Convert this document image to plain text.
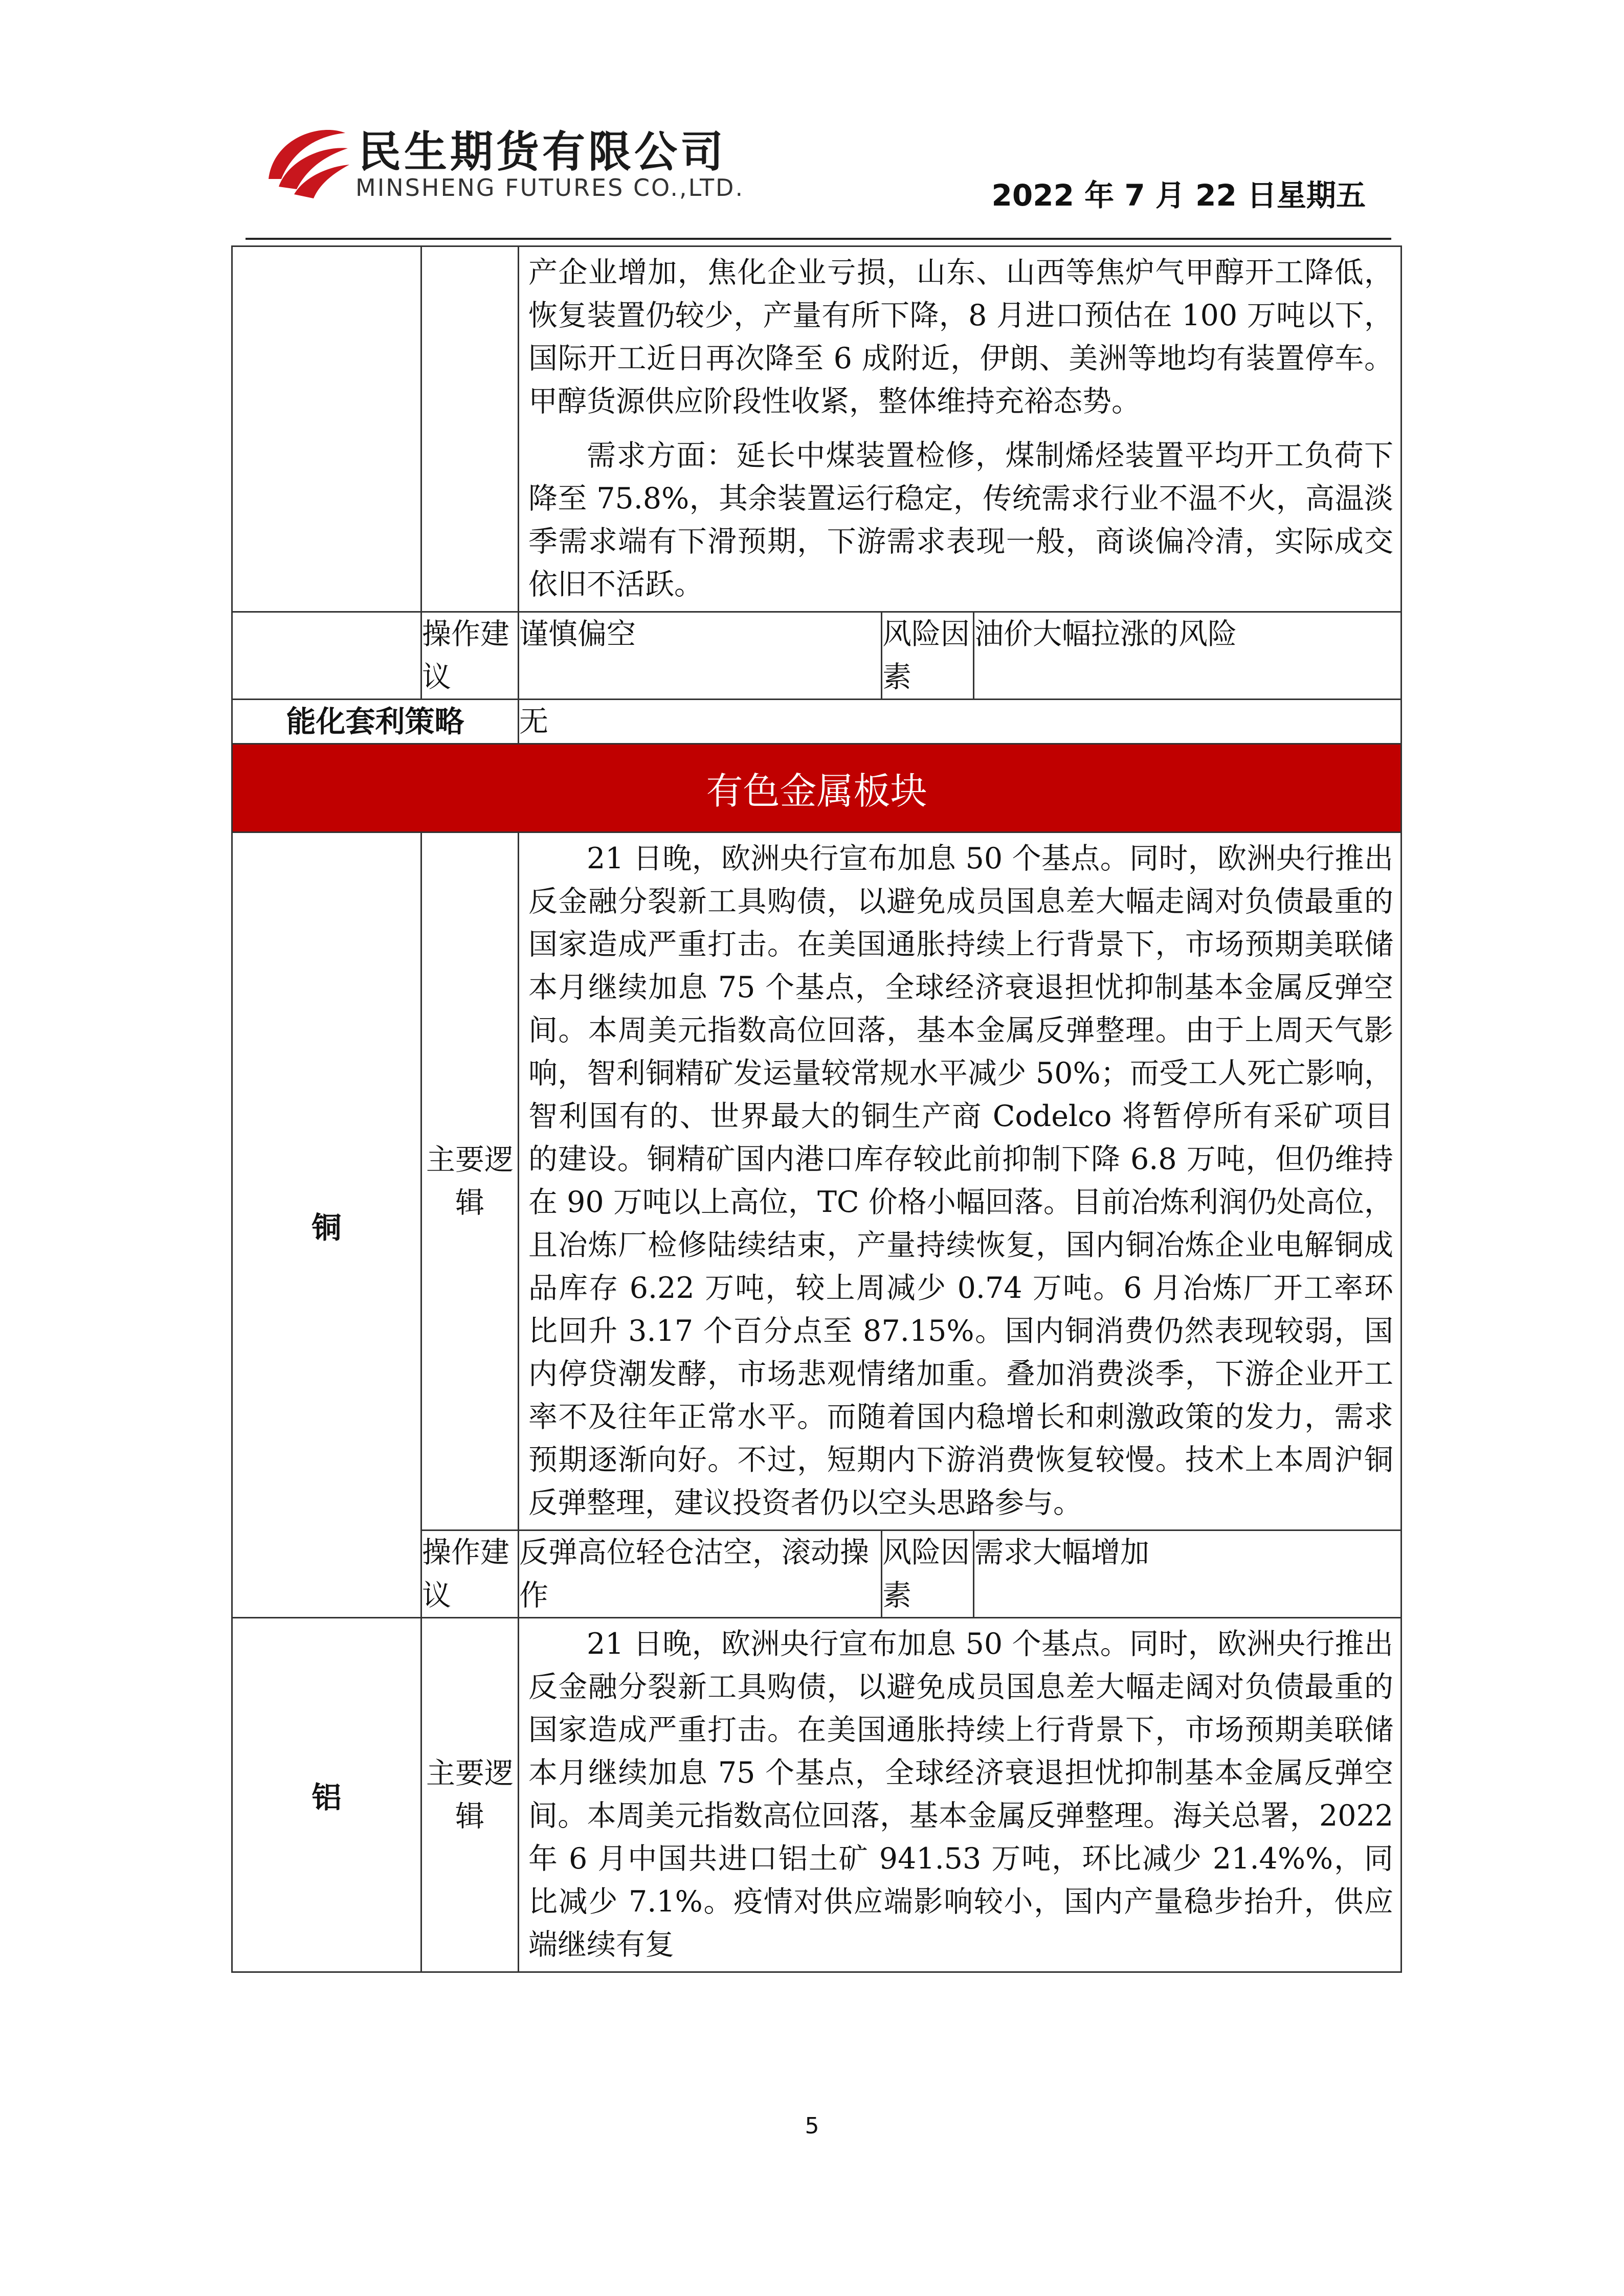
民生期货有限公司
MINSHENG FUTURES CO.,LTD.	2022 年 7 月 22 日星期五

		产企业增加，焦化企业亏损，山东、山西等焦炉气甲醇开工降低，恢复装置仍较少，产量有所下降，8 月进口预估在 100 万吨以下，国际开工近日再次降至 6 成附近，伊朗、美洲等地均有装置停车。甲醇货源供应阶段性收紧，整体维持充裕态势。

需求方面：延长中煤装置检修，煤制烯烃装置平均开工负荷下降至 75.8%，其余装置运行稳定，传统需求行业不温不火，高温淡季需求端有下滑预期，下游需求表现一般，商谈偏冷清，实际成交依旧不活跃。		

	操作建议	谨慎偏空	风险因素	油价大幅拉涨的风险
能化套利策略		无		
有色金属板块				
铜	主要逻辑	21 日晚，欧洲央行宣布加息 50 个基点。同时，欧洲央行推出反金融分裂新工具购债，以避免成员国息差大幅走阔对负债最重的国家造成严重打击。在美国通胀持续上行背景下，市场预期美联储本月继续加息 75 个基点，全球经济衰退担忧抑制基本金属反弹空间。本周美元指数高位回落，基本金属反弹整理。由于上周天气影响，智利铜精矿发运量较常规水平减少 50%；而受工人死亡影响，智利国有的、世界最大的铜生产商 Codelco 将暂停所有采矿项目的建设。铜精矿国内港口库存较此前抑制下降 6.8 万吨，但仍维持在 90 万吨以上高位，TC 价格小幅回落。目前冶炼利润仍处高位，且冶炼厂检修陆续结束，产量持续恢复，国内铜冶炼企业电解铜成品库存 6.22 万吨，较上周减少 0.74 万吨。6 月冶炼厂开工率环比回升 3.17 个百分点至 87.15%。国内铜消费仍然表现较弱，国内停贷潮发酵，市场悲观情绪加重。叠加消费淡季，下游企业开工率不及往年正常水平。而随着国内稳增长和刺激政策的发力，需求预期逐渐向好。不过，短期内下游消费恢复较慢。技术上本周沪铜反弹整理，建议投资者仍以空头思路参与。		

	操作建议	反弹高位轻仓沽空，滚动操作	风险因素	需求大幅增加
铝	主要逻辑	21 日晚，欧洲央行宣布加息 50 个基点。同时，欧洲央行推出反金融分裂新工具购债，以避免成员国息差大幅走阔对负债最重的国家造成严重打击。在美国通胀持续上行背景下，市场预期美联储本月继续加息 75 个基点，全球经济衰退担忧抑制基本金属反弹空间。本周美元指数高位回落，基本金属反弹整理。海关总署，2022 年 6 月中国共进口铝土矿 941.53 万吨，环比减少 21.4%%，同比减少 7.1%。疫情对供应端影响较小，国内产量稳步抬升，供应端继续有复		

5
